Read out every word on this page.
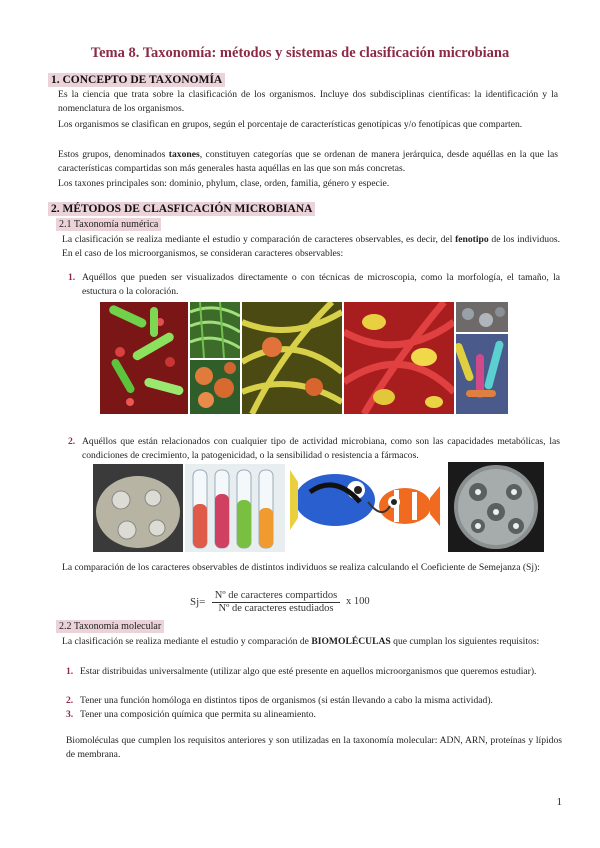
Tema 8. Taxonomía: métodos y sistemas de clasificación microbiana
1. CONCEPTO DE TAXONOMÍA
Es la ciencia que trata sobre la clasificación de los organismos. Incluye dos subdisciplinas científicas: la identificación y la nomenclatura de los organismos.
Los organismos se clasifican en grupos, según el porcentaje de características genotípicas y/o fenotípicas que comparten.
Estos grupos, denominados taxones, constituyen categorías que se ordenan de manera jerárquica, desde aquéllas en la que las características compartidas son más generales hasta aquéllas en las que son más concretas.
Los taxones principales son: dominio, phylum, clase, orden, familia, género y especie.
2. MÉTODOS DE CLASFICACIÓN MICROBIANA
2.1 Taxonomía numérica
La clasificación se realiza mediante el estudio y comparación de caracteres observables, es decir, del fenotipo de los individuos. En el caso de los microorganismos, se consideran caracteres observables:
1. Aquéllos que pueden ser visualizados directamente o con técnicas de microscopia, como la morfología, el tamaño, la estuctura o la coloración.
2. Aquéllos que están relacionados con cualquier tipo de actividad microbiana, como son las capacidades metabólicas, las condiciones de crecimiento, la patogenicidad, o la sensibilidad o resistencia a fármacos.
La comparación de los caracteres observables de distintos individuos se realiza calculando el Coeficiente de Semejanza (Sj):
Sj=
Nº de caracteres compartidos
Nº de caracteres estudiados
x 100
2.2 Taxonomía molecular
La clasificación se realiza mediante el estudio y comparación de BIOMOLÉCULAS que cumplan los siguientes requisitos:
1. Estar distribuidas universalmente (utilizar algo que esté presente en aquellos microorganismos que queremos estudiar).
2. Tener una función homóloga en distintos tipos de organismos (si están llevando a cabo la misma actividad).
3. Tener una composición química que permita su alineamiento.
Biomoléculas que cumplen los requisitos anteriores y son utilizadas en la taxonomía molecular: ADN, ARN, proteínas y lípidos de membrana.
1
